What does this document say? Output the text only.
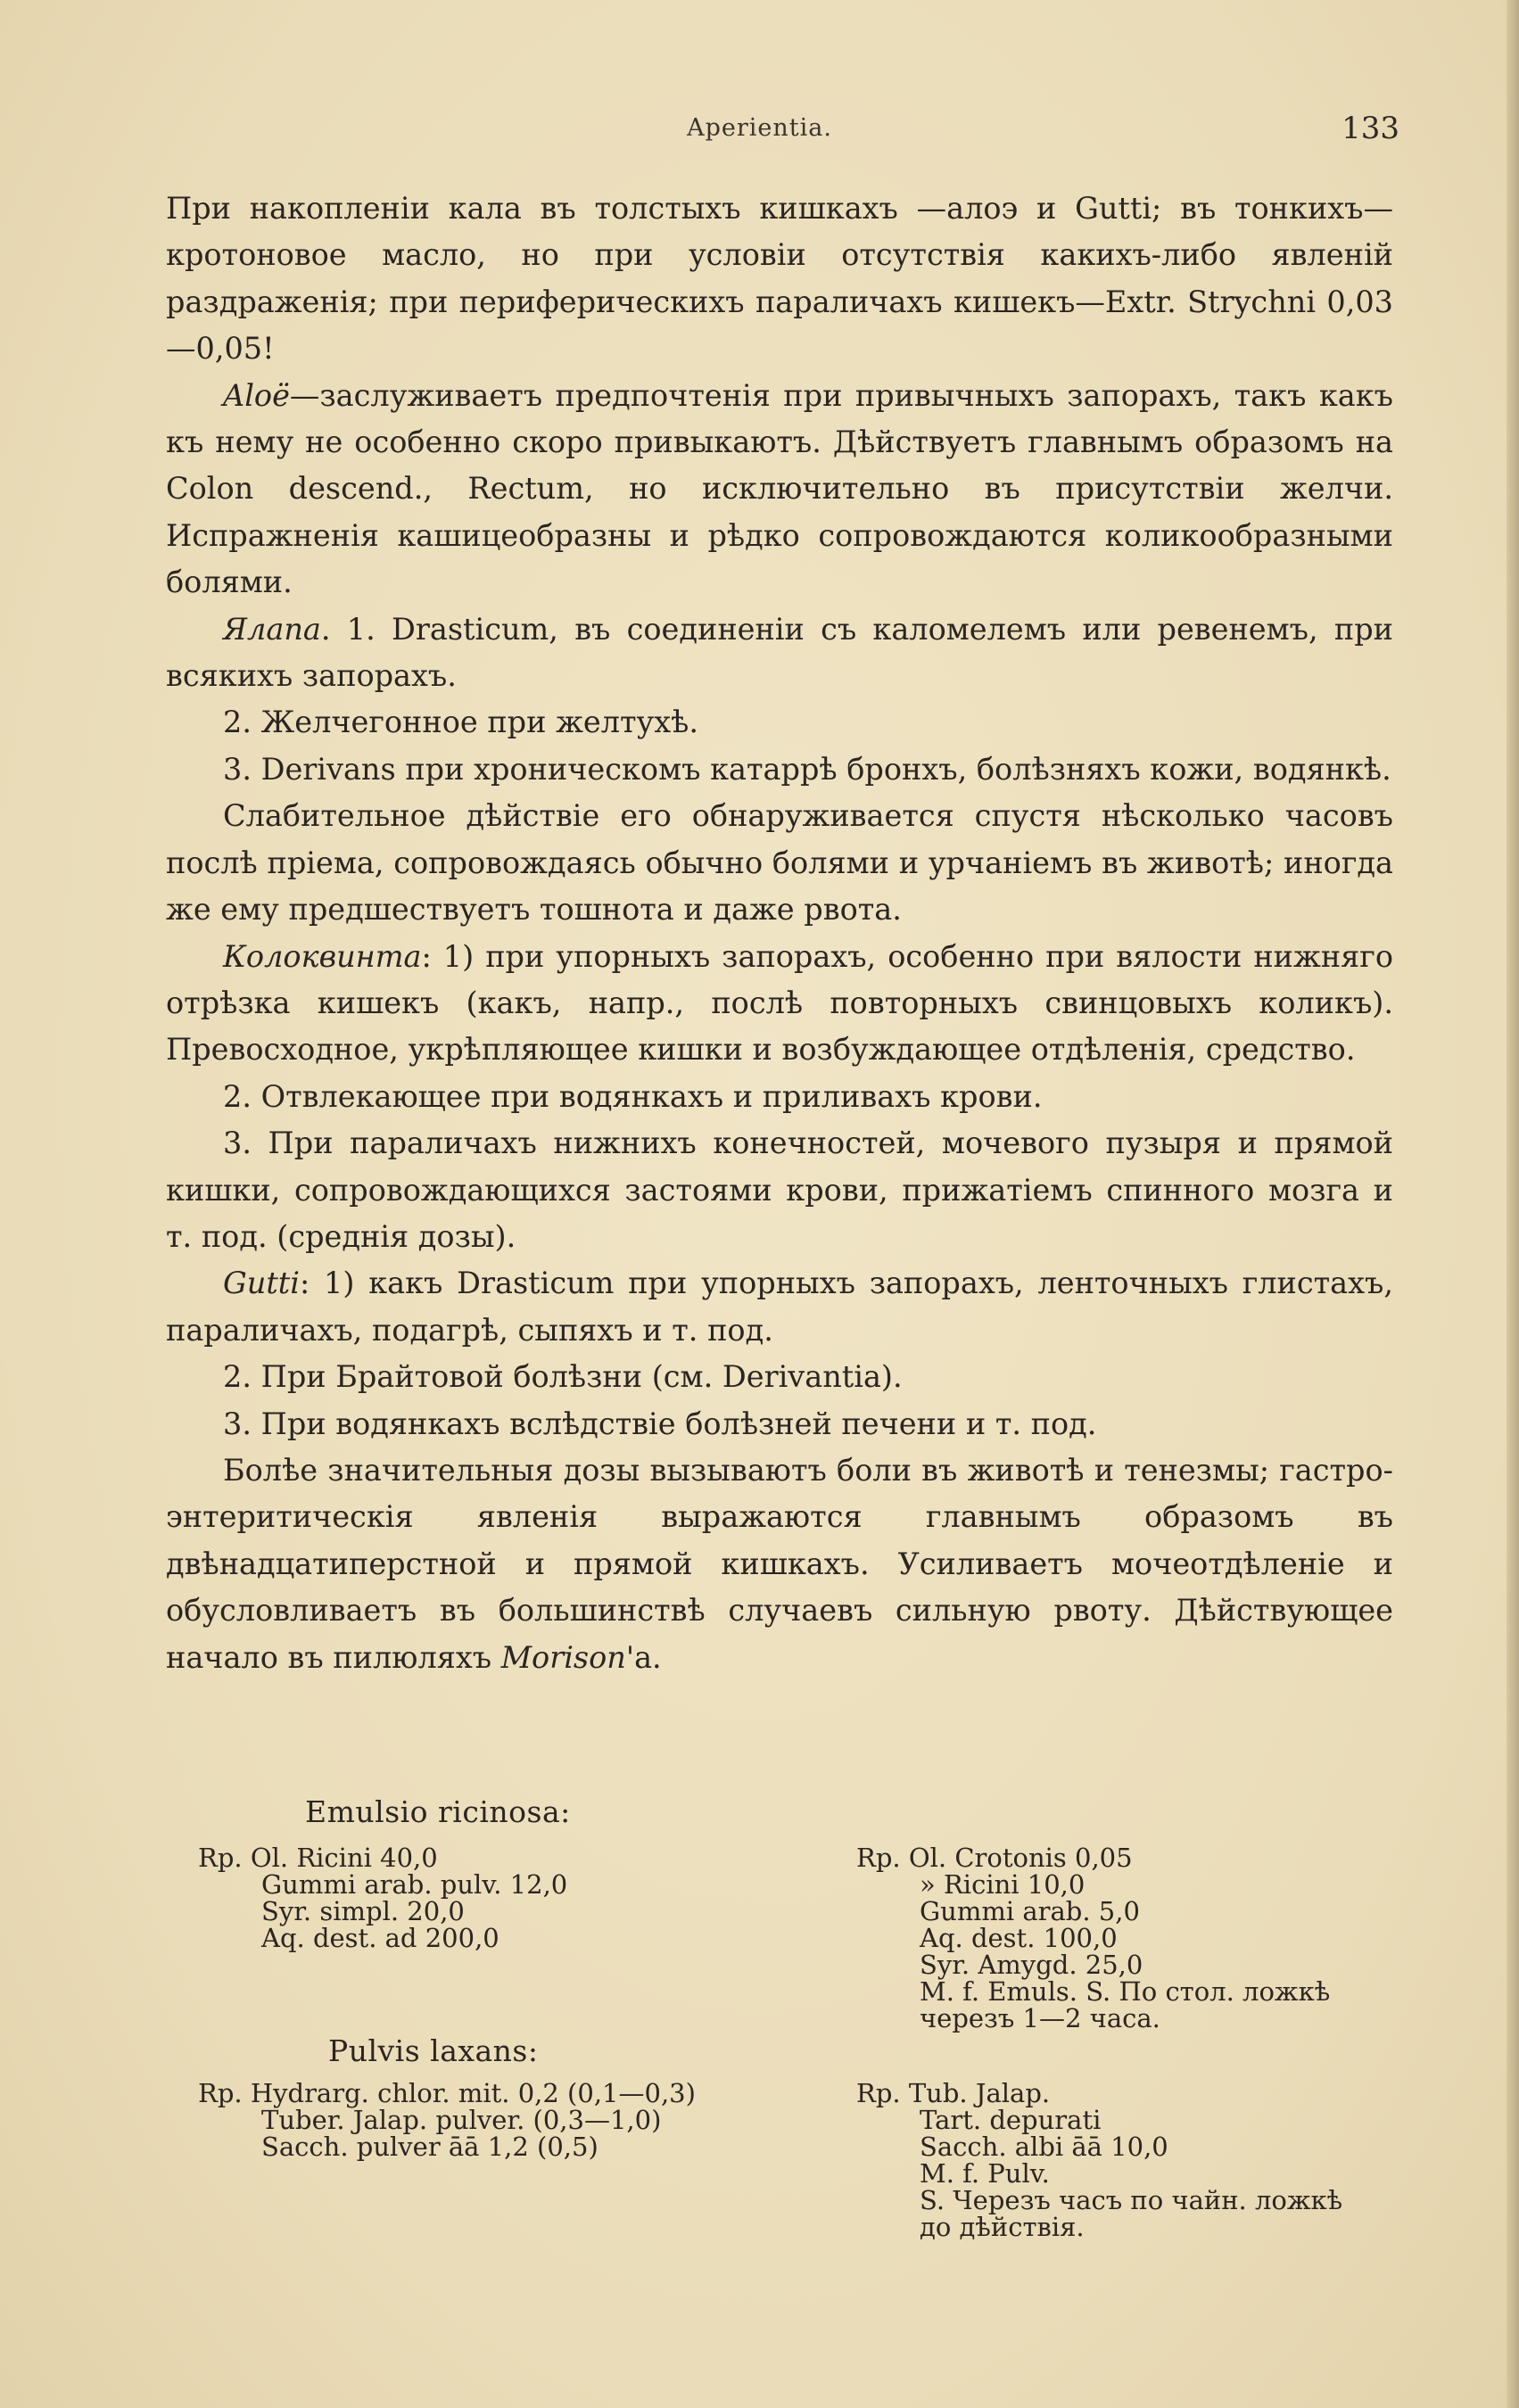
Aperientia.	133

При накопленіи кала въ толстыхъ кишкахъ —алоэ и Gutti; въ тонкихъ— кротоновое масло, но при условіи отсутствія какихъ-либо явленій раздраженія; при периферическихъ параличахъ кишекъ—Extr. Strychni 0,03—0,05!

Aloë—заслуживаетъ предпочтенія при привычныхъ запорахъ, такъ какъ къ нему не особенно скоро привыкаютъ. Дѣйствуетъ главнымъ образомъ на Colon descend., Rectum, но исключительно въ присутствіи желчи. Испражненія кашицеобразны и рѣдко сопровождаются коликообразными болями.

Ялапа. 1. Drasticum, въ соединеніи съ каломелемъ или ревенемъ, при всякихъ запорахъ.

2. Желчегонное при желтухѣ.

3. Derivans при хроническомъ катаррѣ бронхъ, болѣзняхъ кожи, водянкѣ.

Слабительное дѣйствіе его обнаруживается спустя нѣсколько часовъ послѣ пріема, сопровождаясь обычно болями и урчаніемъ въ животѣ; иногда же ему предшествуетъ тошнота и даже рвота.

Колоквинта: 1) при упорныхъ запорахъ, особенно при вялости нижняго отрѣзка кишекъ (какъ, напр., послѣ повторныхъ свинцовыхъ коликъ). Превосходное, укрѣпляющее кишки и возбуждающее отдѣленія, средство.

2. Отвлекающее при водянкахъ и приливахъ крови.

3. При параличахъ нижнихъ конечностей, мочевого пузыря и прямой кишки, сопровождающихся застоями крови, прижатіемъ спинного мозга и т. под. (среднія дозы).

Gutti: 1) какъ Drasticum при упорныхъ запорахъ, ленточныхъ глистахъ, параличахъ, подагрѣ, сыпяхъ и т. под.

2. При Брайтовой болѣзни (см. Derivantia).

3. При водянкахъ вслѣдствіе болѣзней печени и т. под.

Болѣе значительныя дозы вызываютъ боли въ животѣ и тенезмы; гастро-энтеритическія явленія выражаются главнымъ образомъ въ двѣнадцатиперстной и прямой кишкахъ. Усиливаетъ мочеотдѣленіе и обусловливаетъ въ большинствѣ случаевъ сильную рвоту. Дѣйствующее начало въ пилюляхъ Morison'а.

Emulsio ricinosa:
Rp. Ol. Ricini 40,0
Gummi arab. pulv. 12,0
Syr. simpl. 20,0
Aq. dest. ad 200,0
Rp. Ol. Crotonis 0,05
» Ricini 10,0
Gummi arab. 5,0
Aq. dest. 100,0
Syr. Amygd. 25,0
M. f. Emuls. S. По стол. ложкѣ
черезъ 1—2 часа.
Pulvis laxans:
Rp. Hydrarg. chlor. mit. 0,2 (0,1—0,3)
Tuber. Jalap. pulver. (0,3—1,0)
Sacch. pulver āā 1,2 (0,5)
Rp. Tub. Jalap.
Tart. depurati
Sacch. albi āā 10,0
M. f. Pulv.
S. Черезъ часъ по чайн. ложкѣ
до дѣйствія.
